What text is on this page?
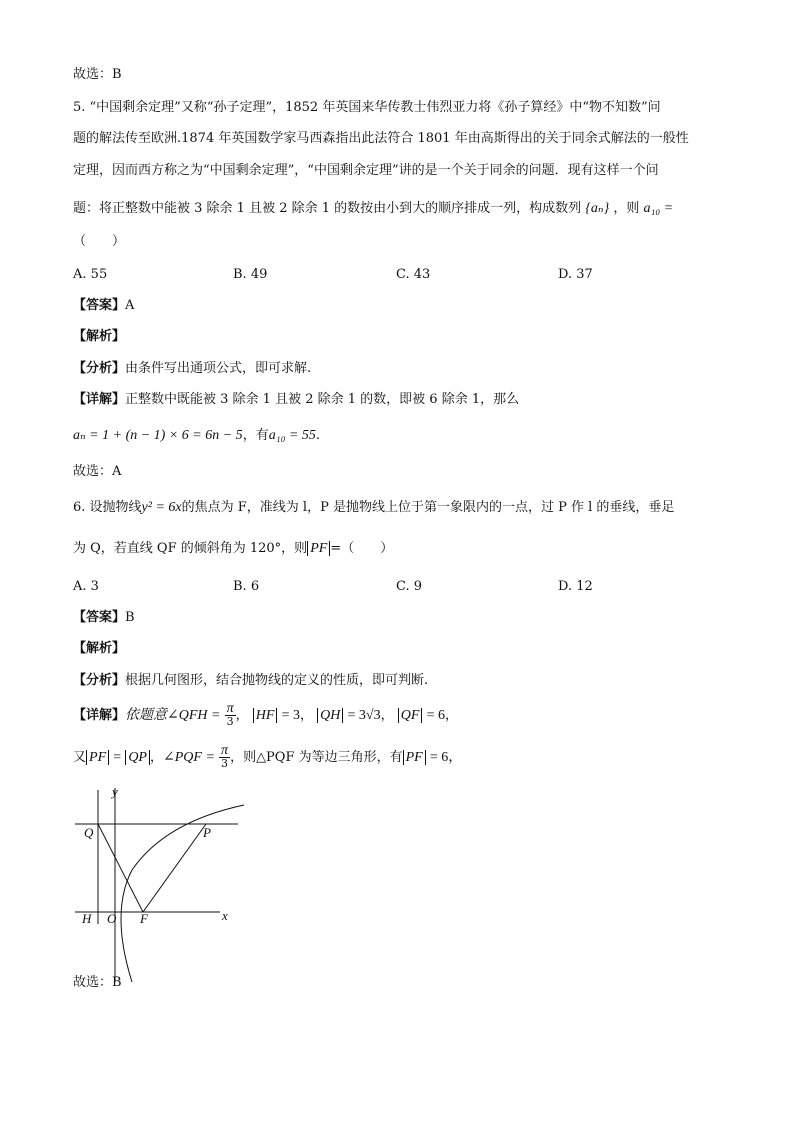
故选：B
5. “中国剩余定理”又称“孙子定理”，1852 年英国来华传教士伟烈亚力将《孙子算经》中“物不知数”问
题的解法传至欧洲.1874 年英国数学家马西森指出此法符合 1801 年由高斯得出的关于同余式解法的一般性
定理，因而西方称之为“中国剩余定理”，“中国剩余定理”讲的是一个关于同余的问题．现有这样一个问
题：将正整数中能被 3 除余 1 且被 2 除余 1 的数按由小到大的顺序排成一列，构成数列 {aₙ} ，则 a₁₀ =
（　　）
A. 55	B. 49	C. 43	D. 37
【答案】A
【解析】
【分析】由条件写出通项公式，即可求解.
【详解】正整数中既能被 3 除余 1 且被 2 除余 1 的数，即被 6 除余 1，那么
aₙ = 1 + (n − 1) × 6 = 6n − 5，有a₁₀ = 55.
故选：A
6. 设抛物线y² = 6x的焦点为 F，准线为 l，P 是抛物线上位于第一象限内的一点，过 P 作 l 的垂线，垂足
为 Q，若直线 QF 的倾斜角为 120°，则 PF =（　　）
A. 3	B. 6	C. 9	D. 12
【答案】B
【解析】
【分析】根据几何图形，结合抛物线的定义的性质，即可判断.
【详解】依题意∠QFH = $\frac{\pi}{3}$ ， HF = 3， QH = 3√3， QF = 6，
又 PF = QP ，∠PQF = $\frac{\pi}{3}$ ，则△PQF 为等边三角形，有 PF = 6，
y
x
Q	P
H O F
故选：B
